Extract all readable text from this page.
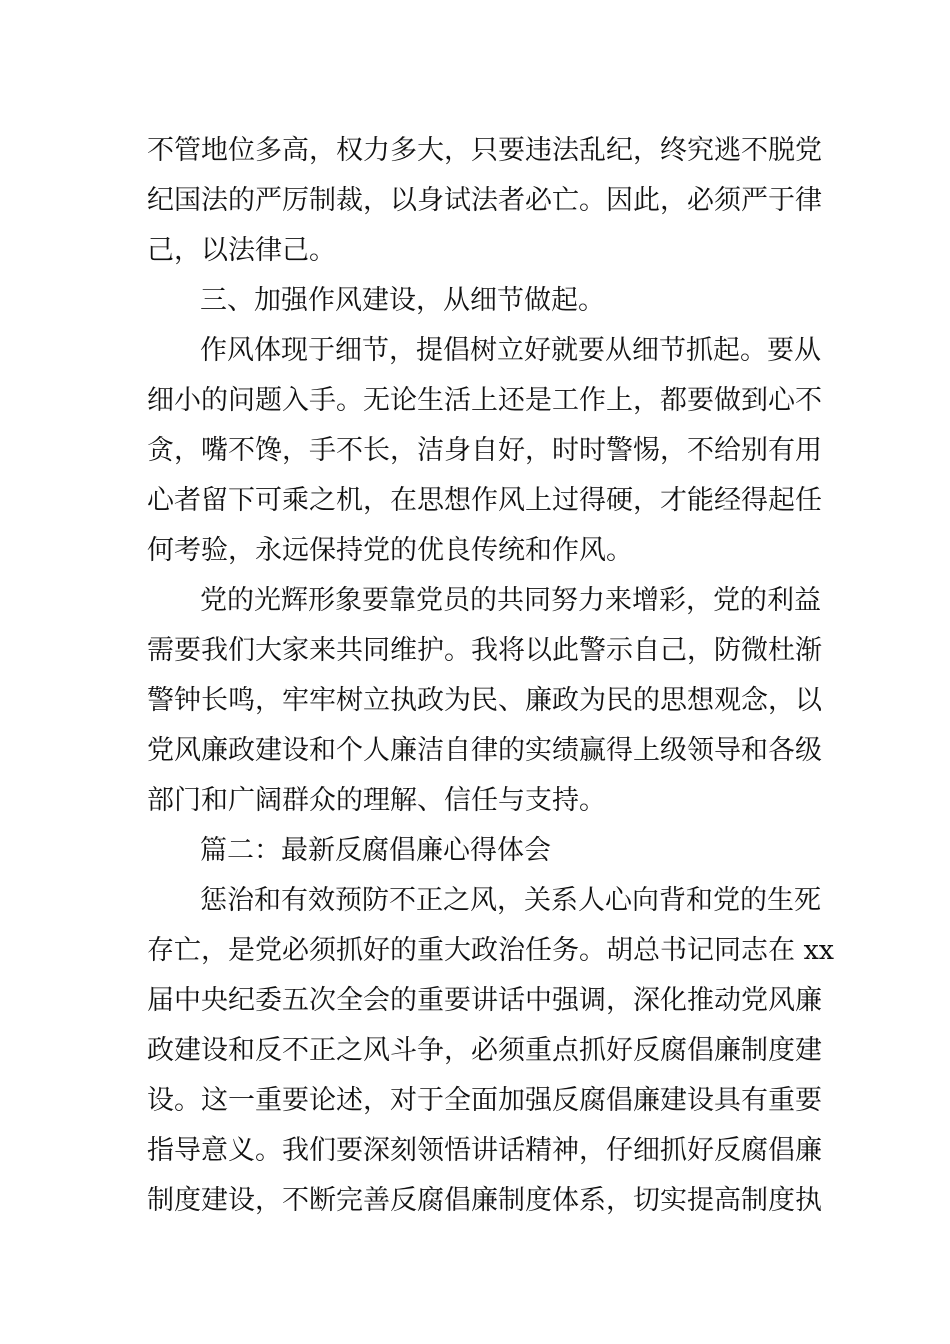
不管地位多高，权力多大，只要违法乱纪，终究逃不脱党
纪国法的严厉制裁，以身试法者必亡。因此，必须严于律
己，以法律己。
三、加强作风建设，从细节做起。
作风体现于细节，提倡树立好就要从细节抓起。要从
细小的问题入手。无论生活上还是工作上，都要做到心不
贪，嘴不馋，手不长，洁身自好，时时警惕，不给别有用
心者留下可乘之机，在思想作风上过得硬，才能经得起任
何考验，永远保持党的优良传统和作风。
党的光辉形象要靠党员的共同努力来增彩，党的利益
需要我们大家来共同维护。我将以此警示自己，防微杜渐
警钟长鸣，牢牢树立执政为民、廉政为民的思想观念，以
党风廉政建设和个人廉洁自律的实绩赢得上级领导和各级
部门和广阔群众的理解、信任与支持。
篇二：最新反腐倡廉心得体会
惩治和有效预防不正之风，关系人心向背和党的生死
存亡，是党必须抓好的重大政治任务。胡总书记同志在 xx
届中央纪委五次全会的重要讲话中强调，深化推动党风廉
政建设和反不正之风斗争，必须重点抓好反腐倡廉制度建
设。这一重要论述，对于全面加强反腐倡廉建设具有重要
指导意义。我们要深刻领悟讲话精神，仔细抓好反腐倡廉
制度建设，不断完善反腐倡廉制度体系，切实提高制度执
